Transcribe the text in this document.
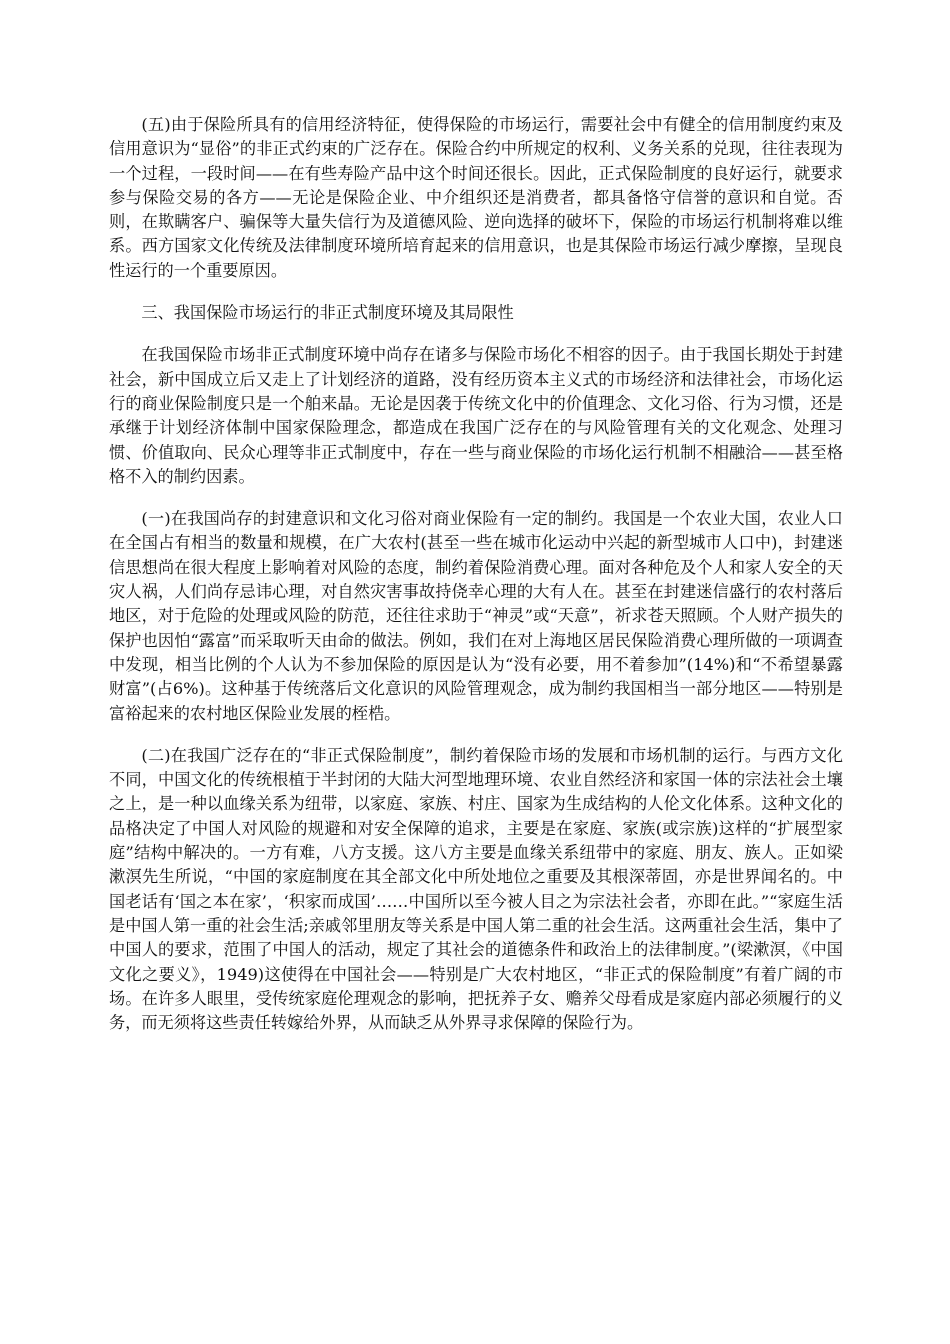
(五)由于保险所具有的信用经济特征，使得保险的市场运行，需要社会中有健全的信用制度约束及信用意识为“显俗”的非正式约束的广泛存在。保险合约中所规定的权利、义务关系的兑现，往往表现为一个过程，一段时间——在有些寿险产品中这个时间还很长。因此，正式保险制度的良好运行，就要求参与保险交易的各方——无论是保险企业、中介组织还是消费者，都具备恪守信誉的意识和自觉。否则，在欺瞒客户、骗保等大量失信行为及道德风险、逆向选择的破坏下，保险的市场运行机制将难以维系。西方国家文化传统及法律制度环境所培育起来的信用意识，也是其保险市场运行减少摩擦，呈现良性运行的一个重要原因。

三、我国保险市场运行的非正式制度环境及其局限性

在我国保险市场非正式制度环境中尚存在诸多与保险市场化不相容的因子。由于我国长期处于封建社会，新中国成立后又走上了计划经济的道路，没有经历资本主义式的市场经济和法律社会，市场化运行的商业保险制度只是一个舶来晶。无论是因袭于传统文化中的价值理念、文化习俗、行为习惯，还是承继于计划经济体制中国家保险理念，都造成在我国广泛存在的与风险管理有关的文化观念、处理习惯、价值取向、民众心理等非正式制度中，存在一些与商业保险的市场化运行机制不相融洽——甚至格格不入的制约因素。

(一)在我国尚存的封建意识和文化习俗对商业保险有一定的制约。我国是一个农业大国，农业人口在全国占有相当的数量和规模，在广大农村(甚至一些在城市化运动中兴起的新型城市人口中)，封建迷信思想尚在很大程度上影响着对风险的态度，制约着保险消费心理。面对各种危及个人和家人安全的天灾人祸，人们尚存忌讳心理，对自然灾害事故持侥幸心理的大有人在。甚至在封建迷信盛行的农村落后地区，对于危险的处理或风险的防范，还往往求助于“神灵”或“天意”，祈求苍天照顾。个人财产损失的保护也因怕“露富”而采取听天由命的做法。例如，我们在对上海地区居民保险消费心理所做的一项调查中发现，相当比例的个人认为不参加保险的原因是认为“没有必要，用不着参加”(14%)和“不希望暴露财富”(占6%)。这种基于传统落后文化意识的风险管理观念，成为制约我国相当一部分地区——特别是富裕起来的农村地区保险业发展的桎梏。

(二)在我国广泛存在的“非正式保险制度”，制约着保险市场的发展和市场机制的运行。与西方文化不同，中国文化的传统根植于半封闭的大陆大河型地理环境、农业自然经济和家国一体的宗法社会土壤之上，是一种以血缘关系为纽带，以家庭、家族、村庄、国家为生成结构的人伦文化体系。这种文化的品格决定了中国人对风险的规避和对安全保障的追求，主要是在家庭、家族(或宗族)这样的“扩展型家庭”结构中解决的。一方有难，八方支援。这八方主要是血缘关系纽带中的家庭、朋友、族人。正如梁漱溟先生所说，“中国的家庭制度在其全部文化中所处地位之重要及其根深蒂固，亦是世界闻名的。中国老话有‘国之本在家’，‘积家而成国’……中国所以至今被人目之为宗法社会者，亦即在此。”“家庭生活是中国人第一重的社会生活;亲戚邻里朋友等关系是中国人第二重的社会生活。这两重社会生活，集中了中国人的要求，范围了中国人的活动，规定了其社会的道德条件和政治上的法律制度。”(梁漱溟，《中国文化之要义》，1949)这使得在中国社会——特别是广大农村地区，“非正式的保险制度”有着广阔的市场。在许多人眼里，受传统家庭伦理观念的影响，把抚养子女、赡养父母看成是家庭内部必须履行的义务，而无须将这些责任转嫁给外界，从而缺乏从外界寻求保障的保险行为。
